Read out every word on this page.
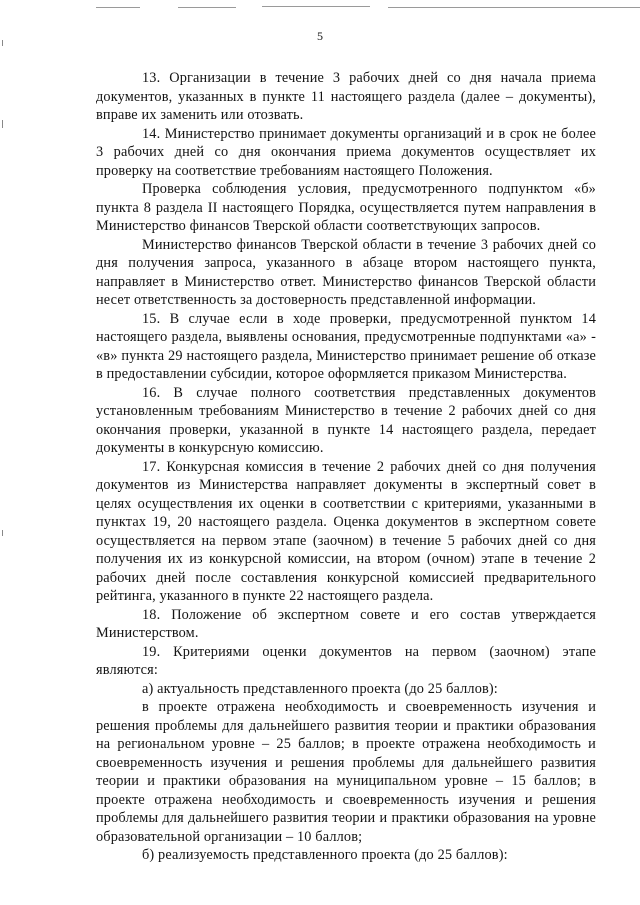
5

13. Организации в течение 3 рабочих дней со дня начала приема документов, указанных в пункте 11 настоящего раздела (далее – документы), вправе их заменить или отозвать.

14. Министерство принимает документы организаций и в срок не более 3 рабочих дней со дня окончания приема документов осуществляет их проверку на соответствие требованиям настоящего Положения.

Проверка соблюдения условия, предусмотренного подпунктом «б» пункта 8 раздела II настоящего Порядка, осуществляется путем направления в Министерство финансов Тверской области соответствующих запросов.

Министерство финансов Тверской области в течение 3 рабочих дней со дня получения запроса, указанного в абзаце втором настоящего пункта, направляет в Министерство ответ. Министерство финансов Тверской области несет ответственность за достоверность представленной информации.

15. В случае если в ходе проверки, предусмотренной пунктом 14 настоящего раздела, выявлены основания, предусмотренные подпунктами «а» - «в» пункта 29 настоящего раздела, Министерство принимает решение об отказе в предоставлении субсидии, которое оформляется приказом Министерства.

16. В случае полного соответствия представленных документов установленным требованиям Министерство в течение 2 рабочих дней со дня окончания проверки, указанной в пункте 14 настоящего раздела, передает документы в конкурсную комиссию.

17. Конкурсная комиссия в течение 2 рабочих дней со дня получения документов из Министерства направляет документы в экспертный совет в целях осуществления их оценки в соответствии с критериями, указанными в пунктах 19, 20 настоящего раздела. Оценка документов в экспертном совете осуществляется на первом этапе (заочном) в течение 5 рабочих дней со дня получения их из конкурсной комиссии, на втором (очном) этапе в течение 2 рабочих дней после составления конкурсной комиссией предварительного рейтинга, указанного в пункте 22 настоящего раздела.

18. Положение об экспертном совете и его состав утверждается Министерством.

19. Критериями оценки документов на первом (заочном) этапе являются:

а) актуальность представленного проекта (до 25 баллов):

в проекте отражена необходимость и своевременность изучения и решения проблемы для дальнейшего развития теории и практики образования на региональном уровне – 25 баллов; в проекте отражена необходимость и своевременность изучения и решения проблемы для дальнейшего развития теории и практики образования на муниципальном уровне – 15 баллов; в проекте отражена необходимость и своевременность изучения и решения проблемы для дальнейшего развития теории и практики образования на уровне образовательной организации – 10 баллов;

б) реализуемость представленного проекта (до 25 баллов):
